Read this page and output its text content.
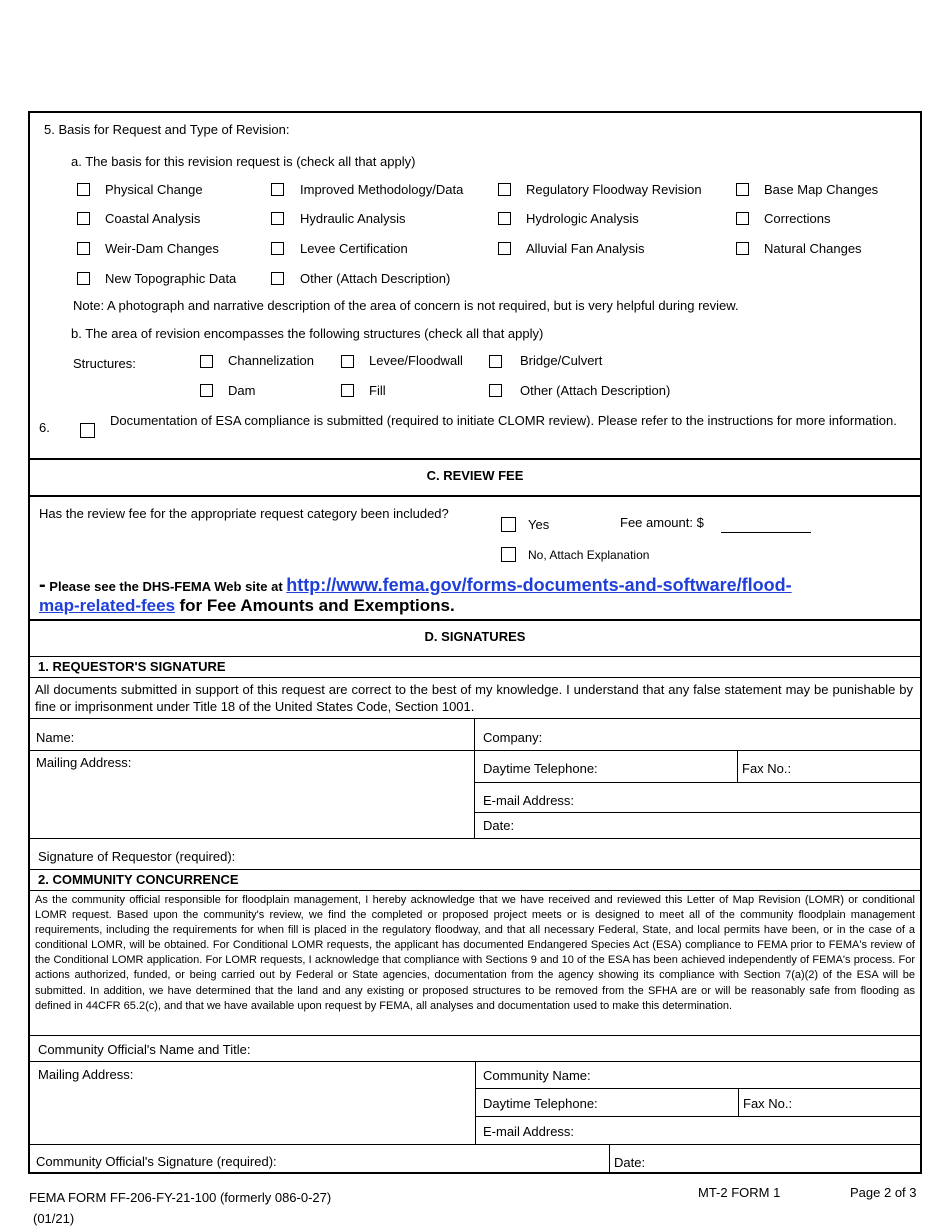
5. Basis for Request and Type of Revision:
a. The basis for this revision request is (check all that apply)
Physical Change	Improved Methodology/Data	Regulatory Floodway Revision	Base Map Changes
Coastal Analysis	Hydraulic Analysis	Hydrologic Analysis	Corrections
Weir-Dam Changes	Levee Certification	Alluvial Fan Analysis	Natural Changes
New Topographic Data	Other (Attach Description)
Note: A photograph and narrative description of the area of concern is not required, but is very helpful during review.
b. The area of revision encompasses the following structures (check all that apply)
Structures:	Channelization	Levee/Floodwall	Bridge/Culvert
Dam	Fill	Other (Attach Description)
6.	Documentation of ESA compliance is submitted (required to initiate CLOMR review). Please refer to the instructions for more information.
C. REVIEW FEE
Has the review fee for the appropriate request category been included?
Yes	Fee amount: $
No, Attach Explanation
- Please see the DHS-FEMA Web site at http://www.fema.gov/forms-documents-and-software/flood-
map-related-fees for Fee Amounts and Exemptions.
D. SIGNATURES
1. REQUESTOR'S SIGNATURE
All documents submitted in support of this request are correct to the best of my knowledge. I understand that any false statement may be punishable by fine or imprisonment under Title 18 of the United States Code, Section 1001.
Name:	Company:
Mailing Address:	Daytime Telephone:	Fax No.:
E-mail Address:
Date:
Signature of Requestor (required):
2. COMMUNITY CONCURRENCE
As the community official responsible for floodplain management, I hereby acknowledge that we have received and reviewed this Letter of Map Revision (LOMR) or conditional LOMR request. Based upon the community's review, we find the completed or proposed project meets or is designed to meet all of the community floodplain management requirements, including the requirements for when fill is placed in the regulatory floodway, and that all necessary Federal, State, and local permits have been, or in the case of a conditional LOMR, will be obtained. For Conditional LOMR requests, the applicant has documented Endangered Species Act (ESA) compliance to FEMA prior to FEMA's review of the Conditional LOMR application. For LOMR requests, I acknowledge that compliance with Sections 9 and 10 of the ESA has been achieved independently of FEMA's process. For actions authorized, funded, or being carried out by Federal or State agencies, documentation from the agency showing its compliance with Section 7(a)(2) of the ESA will be submitted. In addition, we have determined that the land and any existing or proposed structures to be removed from the SFHA are or will be reasonably safe from flooding as defined in 44CFR 65.2(c), and that we have available upon request by FEMA, all analyses and documentation used to make this determination.
Community Official's Name and Title:
Mailing Address:	Community Name:
Daytime Telephone:	Fax No.:
E-mail Address:
Community Official's Signature (required):	Date:
FEMA FORM FF-206-FY-21-100 (formerly 086-0-27)
(01/21)
MT-2 FORM 1	Page 2 of 3
